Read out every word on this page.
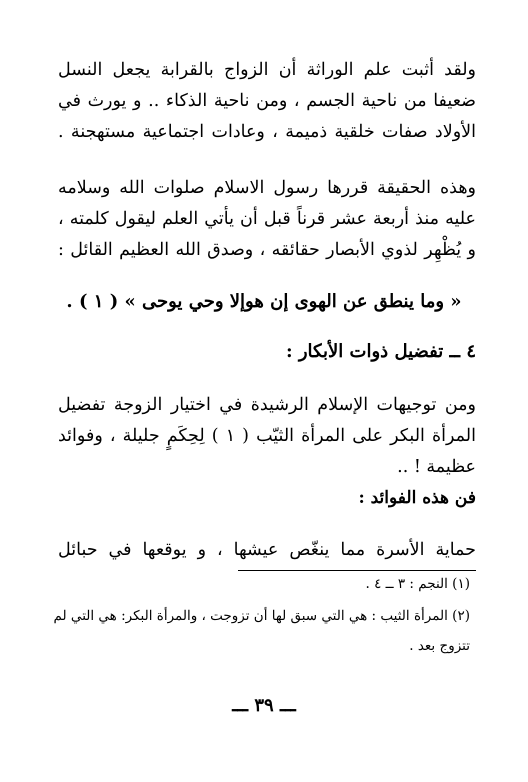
ولقد أثبت علم الوراثة أن الزواج بالقرابة يجعل النسل
ضعيفا من ناحية الجسم ، ومن ناحية الذكاء .. و يورث في
الأولاد صفات خلقية ذميمة ، وعادات اجتماعية مستهجنة .
وهذه الحقيقة قررها رسول الاسلام صلوات الله وسلامه
عليه منذ أربعة عشر قرناً قبل أن يأتي العلم ليقول كلمته ،
و يُظْهِر لذوي الأبصار حقائقه ، وصدق الله العظيم القائل :
« وما ينطق عن الهوى إن هوإلا وحي يوحى » ( ١ ) .
٤ ــ تفضيل ذوات الأبكار :
ومن توجيهات الإسلام الرشيدة في اختيار الزوجة تفضيل
المرأة البكر على المرأة الثيّب ( ١ ) لِحِكَمٍ جليلة ، وفوائد
عظيمة ! ..
فن هذه الفوائد :
حماية الأسرة مما ينغّص عيشها ، و يوقعها في حبائل
(١) النجم : ٣ ــ ٤ .
(٢) المرأة الثيب : هي التي سبق لها أن تزوجت ، والمرأة البكر: هي التي لم
تتزوج بعد .
ـــ ٣٩ ـــ
